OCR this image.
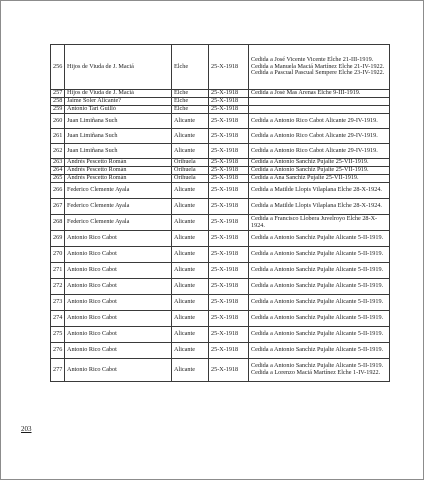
256	Hijos de Viuda de J. Maciá	Elche	25-X-1918	Cedida a José Vicente Vicente Elche 21-III-1919.
Cedida a Manuela Maciá Martínez Elche 21-IV-1922.
Cedida a Pascual Pascual Sempere Elche 23-IV-1922.

257	Hijos de Viuda de J. Maciá	Elche	25-X-1918	Cedida a José Mas Arenas Elche 9-III-1919.

258	Jaime Soler Alicante?	Elche	25-X-1918	
259	Antonio Tari Guilló	Elche	25-X-1918	
260	Juan Limiñana Such	Alicante	25-X-1918	Cedida a Antonio Rico Cabot Alicante 29-IV-1919.

261	Juan Limiñana Such	Alicante	25-X-1918	Cedida a Antonio Rico Cabot Alicante 29-IV-1919.

262	Juan Limiñana Such	Alicante	25-X-1918	Cedida a Antonio Rico Cabot Alicante 29-IV-1919.

263	Andrés Pescetto Román	Orihuela	25-X-1918	Cedida a Antonio Sanchiz Pujalte 25-VII-1919.

264	Andrés Pescetto Román	Orihuela	25-X-1918	Cedida a Antonio Sanchiz Pujalte 25-VII-1919.

265	Andrés Pescetto Román	Orihuela	25-X-1918	Cedida a Ana Sanchiz Pujalte 25-VII-1919.

266	Federico Clemente Ayala	Alicante	25-X-1918	Cedida a Matilde Llopis Vilaplana Elche 28-X-1924.

267	Federico Clemente Ayala	Alicante	25-X-1918	Cedida a Matilde Llopis Vilaplana Elche 28-X-1924.

268	Federico Clemente Ayala	Alicante	25-X-1918	Cedida a Francisco Llobera Juvelroyo Elche 28-X-1924.

269	Antonio Rico Cabot	Alicante	25-X-1918	Cedida a Antonio Sanchiz Pujalte Alicante 5-II-1919.

270	Antonio Rico Cabot	Alicante	25-X-1918	Cedida a Antonio Sanchiz Pujalte Alicante 5-II-1919.

271	Antonio Rico Cabot	Alicante	25-X-1918	Cedida a Antonio Sanchiz Pujalte Alicante 5-II-1919.

272	Antonio Rico Cabot	Alicante	25-X-1918	Cedida a Antonio Sanchiz Pujalte Alicante 5-II-1919.

273	Antonio Rico Cabot	Alicante	25-X-1918	Cedida a Antonio Sanchiz Pujalte Alicante 5-II-1919.

274	Antonio Rico Cabot	Alicante	25-X-1918	Cedida a Antonio Sanchiz Pujalte Alicante 5-II-1919.

275	Antonio Rico Cabot	Alicante	25-X-1918	Cedida a Antonio Sanchiz Pujalte Alicante 5-II-1919.

276	Antonio Rico Cabot	Alicante	25-X-1918	Cedida a Antonio Sanchiz Pujalte Alicante 5-II-1919.

277	Antonio Rico Cabot	Alicante	25-X-1918	Cedida a Antonio Sanchiz Pujalte Alicante 5-II-1919.
Cedida a Lorenzo Maciá Martínez Elche 1-IV-1922.
203
